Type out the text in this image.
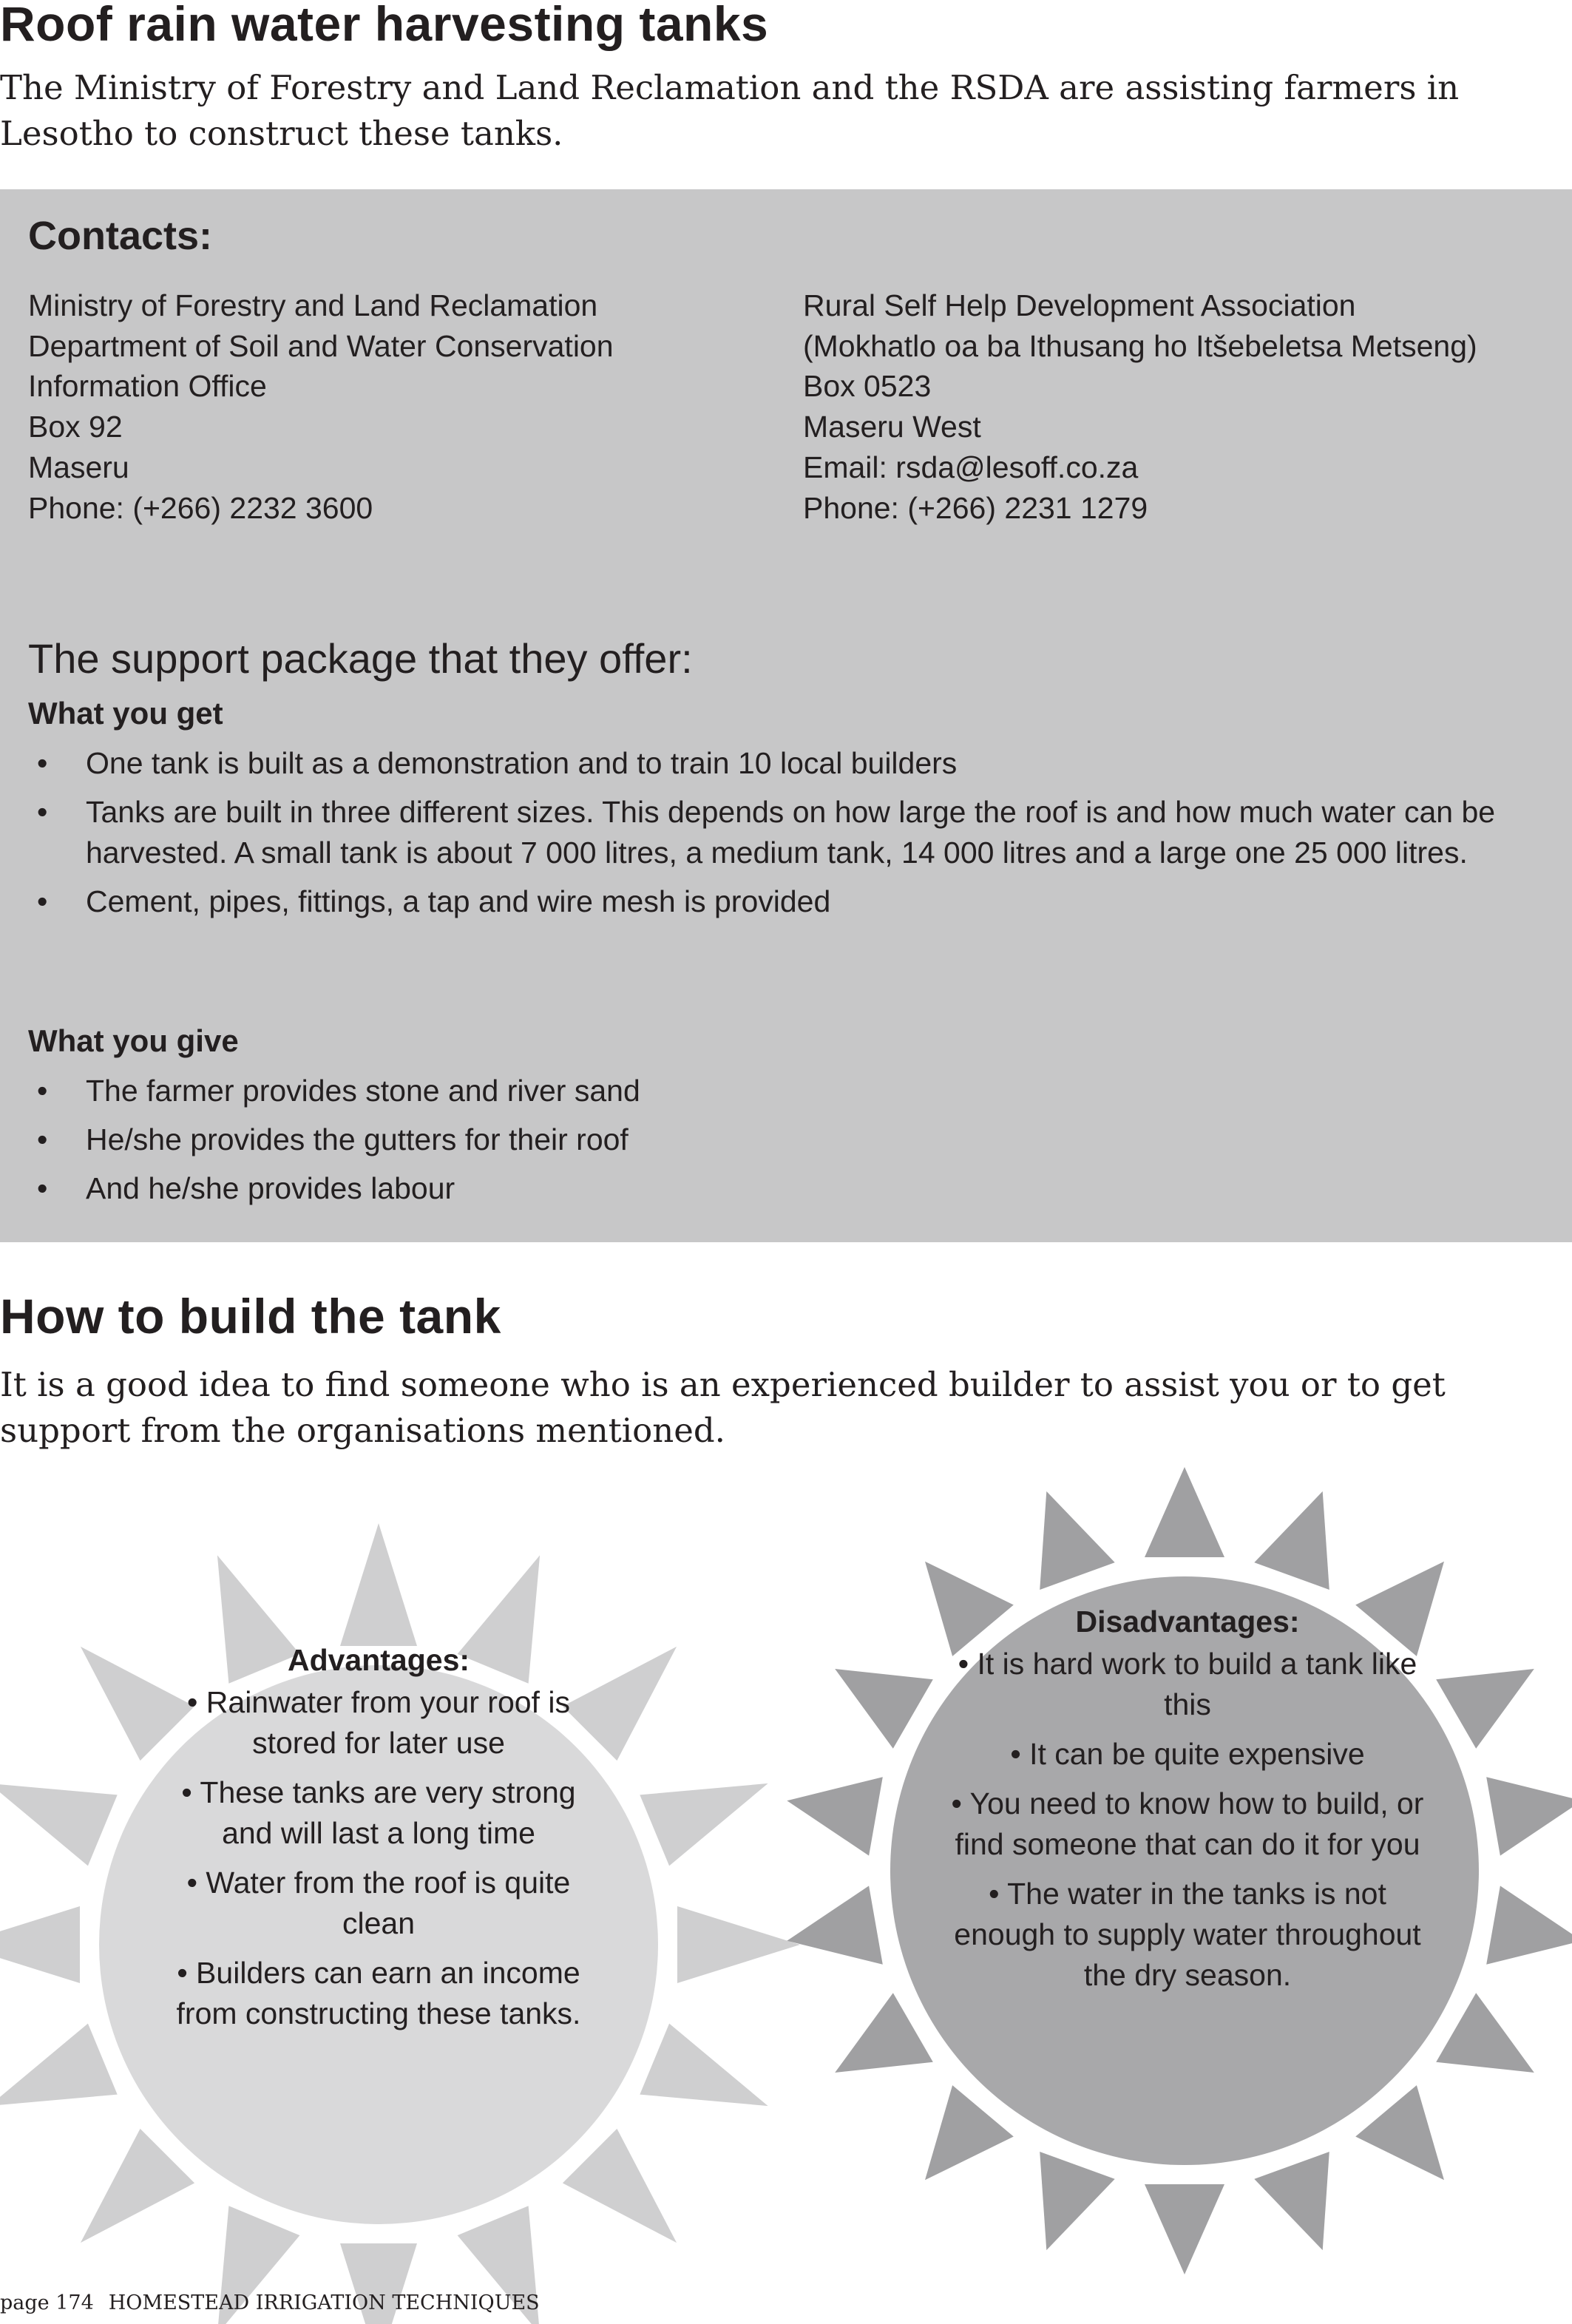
Roof rain water harvesting tanks

The Ministry of Forestry and Land Reclamation and the RSDA are assisting farmers in Lesotho to construct these tanks.

Contacts:
Ministry of Forestry and Land Reclamation
Department of Soil and Water Conservation
Information Office
Box 92
Maseru
Phone: (+266) 2232 3600
Rural Self Help Development Association
(Mokhatlo oa ba Ithusang ho Itšebeletsa Metseng)
Box 0523
Maseru West
Email: rsda@lesoff.co.za
Phone: (+266) 2231 1279
The support package that they offer:
What you get
• One tank is built as a demonstration and to train 10 local builders
• Tanks are built in three different sizes. This depends on how large the roof is and how much water can be harvested. A small tank is about 7 000 litres, a medium tank, 14 000 litres and a large one 25 000 litres.
• Cement, pipes, fittings, a tap and wire mesh is provided
What you give
• The farmer provides stone and river sand
• He/she provides the gutters for their roof
• And he/she provides labour
How to build the tank

It is a good idea to find someone who is an experienced builder to assist you or to get support from the organisations mentioned.

Advantages:
• Rainwater from your roof is stored for later use
• These tanks are very strong and will last a long time
• Water from the roof is quite clean
• Builders can earn an income from constructing these tanks.
Disadvantages:
• It is hard work to build a tank like this
• It can be quite expensive
• You need to know how to build, or find someone that can do it for you
• The water in the tanks is not enough to supply water throughout the dry season.
page 174 HOMESTEAD IRRIGATION TECHNIQUES
